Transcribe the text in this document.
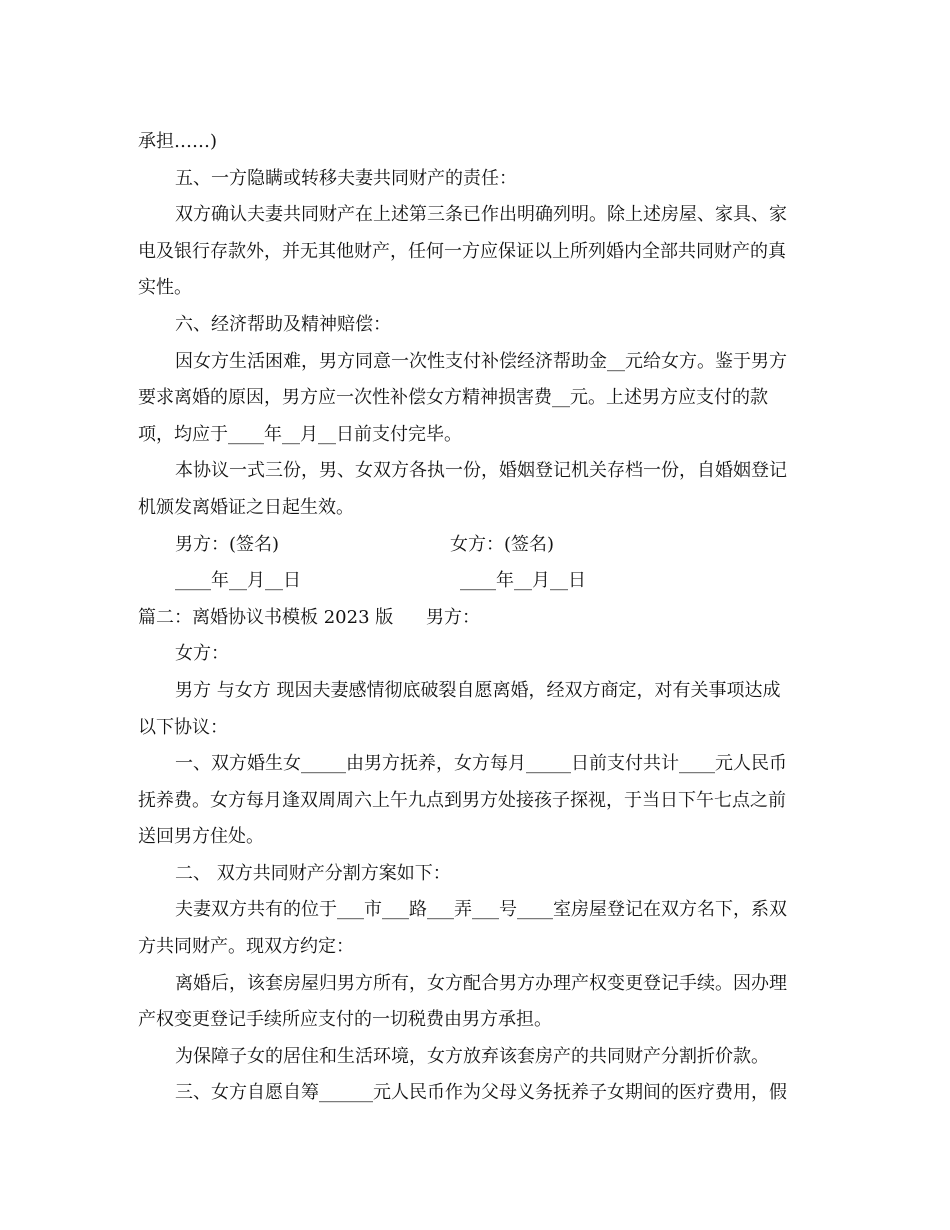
承担……)
五、一方隐瞒或转移夫妻共同财产的责任：
双方确认夫妻共同财产在上述第三条已作出明确列明。除上述房屋、家具、家
电及银行存款外，并无其他财产，任何一方应保证以上所列婚内全部共同财产的真
实性。
六、经济帮助及精神赔偿：
因女方生活困难，男方同意一次性支付补偿经济帮助金__元给女方。鉴于男方
要求离婚的原因，男方应一次性补偿女方精神损害费__元。上述男方应支付的款
项，均应于____年__月__日前支付完毕。
本协议一式三份，男、女双方各执一份，婚姻登记机关存档一份，自婚姻登记
机颁发离婚证之日起生效。
男方：(签名)	女方：(签名)
____年__月__日	____年__月__日
篇二：离婚协议书模板 2023 版 男方：
女方：
男方 与女方 现因夫妻感情彻底破裂自愿离婚，经双方商定，对有关事项达成
以下协议：
一、双方婚生女_____由男方抚养，女方每月_____日前支付共计____元人民币
抚养费。女方每月逢双周周六上午九点到男方处接孩子探视，于当日下午七点之前
送回男方住处。
二、 双方共同财产分割方案如下：
夫妻双方共有的位于___市___路___弄___号____室房屋登记在双方名下，系双
方共同财产。现双方约定：
离婚后，该套房屋归男方所有，女方配合男方办理产权变更登记手续。因办理
产权变更登记手续所应支付的一切税费由男方承担。
为保障子女的居住和生活环境，女方放弃该套房产的共同财产分割折价款。
三、女方自愿自筹______元人民币作为父母义务抚养子女期间的医疗费用，假
